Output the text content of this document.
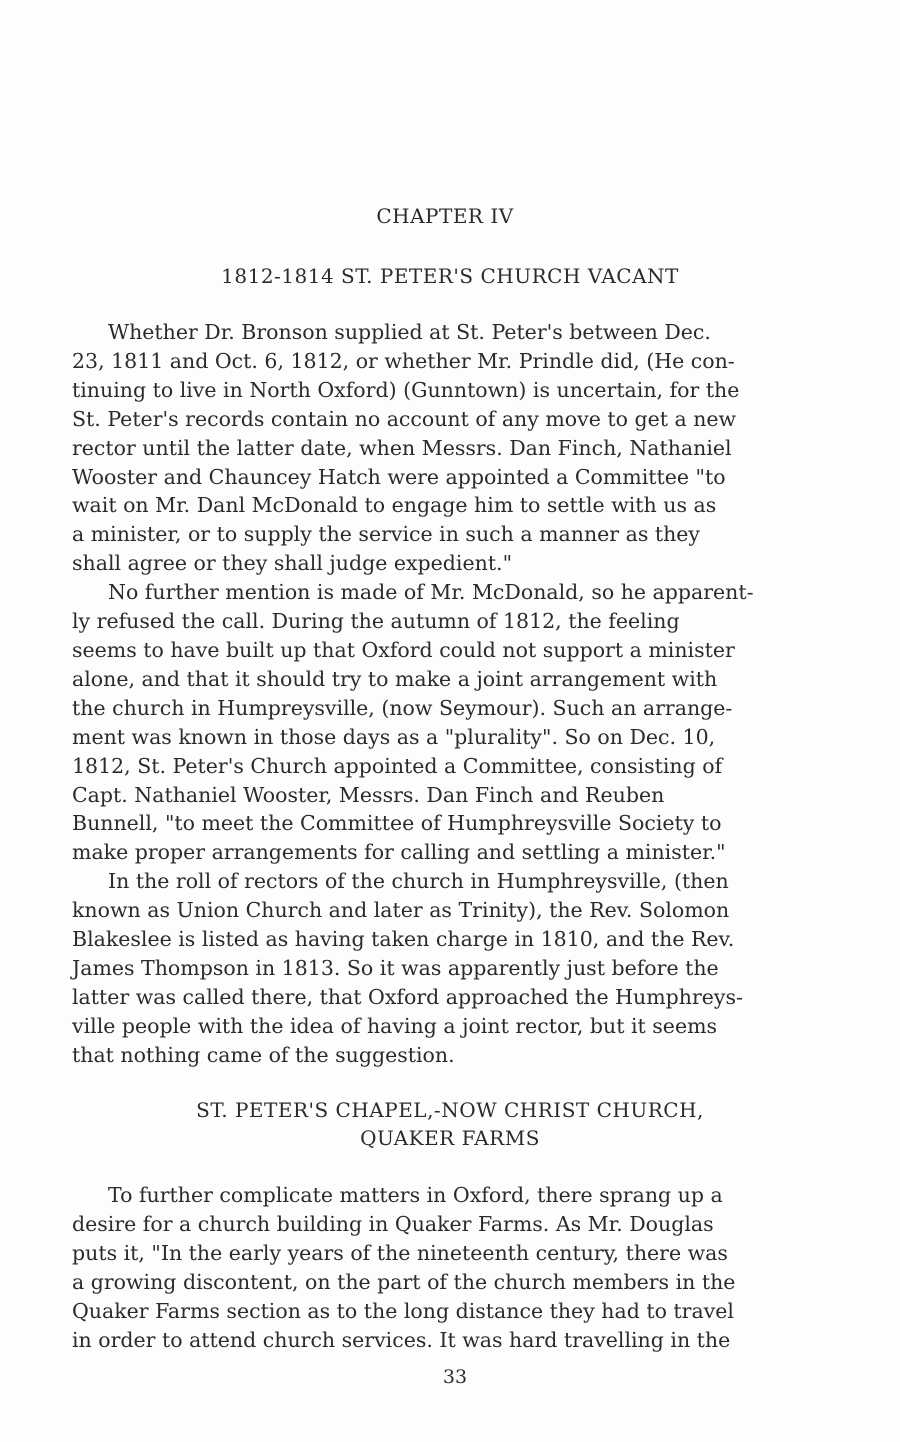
CHAPTER IV
1812-1814 ST. PETER'S CHURCH VACANT
Whether Dr. Bronson supplied at St. Peter's between Dec.
23, 1811 and Oct. 6, 1812, or whether Mr. Prindle did, (He con-
tinuing to live in North Oxford) (Gunntown) is uncertain, for the
St. Peter's records contain no account of any move to get a new
rector until the latter date, when Messrs. Dan Finch, Nathaniel
Wooster and Chauncey Hatch were appointed a Committee "to
wait on Mr. Danl McDonald to engage him to settle with us as
a minister, or to supply the service in such a manner as they
shall agree or they shall judge expedient."
No further mention is made of Mr. McDonald, so he apparent-
ly refused the call. During the autumn of 1812, the feeling
seems to have built up that Oxford could not support a minister
alone, and that it should try to make a joint arrangement with
the church in Humpreysville, (now Seymour). Such an arrange-
ment was known in those days as a "plurality". So on Dec. 10,
1812, St. Peter's Church appointed a Committee, consisting of
Capt. Nathaniel Wooster, Messrs. Dan Finch and Reuben
Bunnell, "to meet the Committee of Humphreysville Society to
make proper arrangements for calling and settling a minister."
In the roll of rectors of the church in Humphreysville, (then
known as Union Church and later as Trinity), the Rev. Solomon
Blakeslee is listed as having taken charge in 1810, and the Rev.
James Thompson in 1813. So it was apparently just before the
latter was called there, that Oxford approached the Humphreys-
ville people with the idea of having a joint rector, but it seems
that nothing came of the suggestion.
ST. PETER'S CHAPEL,-NOW CHRIST CHURCH,
QUAKER FARMS
To further complicate matters in Oxford, there sprang up a
desire for a church building in Quaker Farms. As Mr. Douglas
puts it, "In the early years of the nineteenth century, there was
a growing discontent, on the part of the church members in the
Quaker Farms section as to the long distance they had to travel
in order to attend church services. It was hard travelling in the
33
